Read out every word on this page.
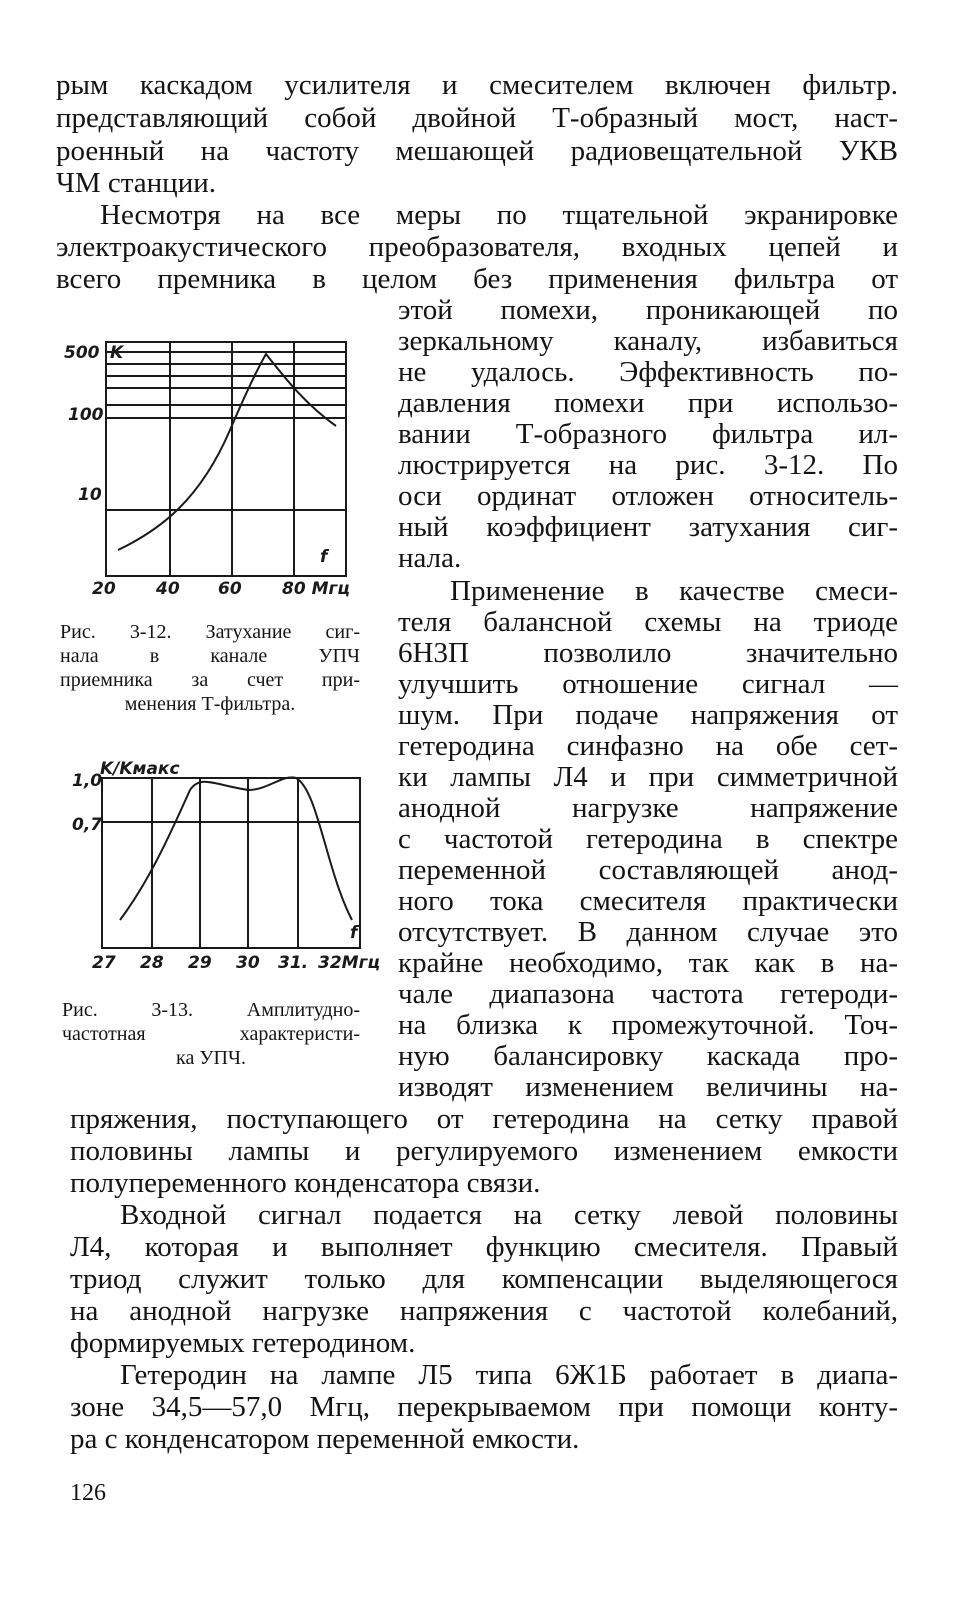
рым каскадом усилителя и смесителем включен фильтр.
представляющий собой двойной Т-образный мост, наст-
роенный на частоту мешающей радиовещательной УКВ
ЧМ станции.
Несмотря на все меры по тщательной экранировке
электроакустического преобразователя, входных цепей и
всего премника в целом без применения фильтра от
этой помехи, проникающей по
зеркальному каналу, избавиться
не удалось. Эффективность по-
давления помехи при использо-
вании Т-образного фильтра ил-
люстрируется на рис. 3-12. По
оси ординат отложен относитель-
ный коэффициент затухания сиг-
нала.
Применение в качестве смеси-
теля балансной схемы на триоде
6Н3П позволило значительно
улучшить отношение сигнал —
шум. При подаче напряжения от
гетеродина синфазно на обе сет-
ки лампы Л4 и при симметричной
анодной нагрузке напряжение
с частотой гетеродина в спектре
переменной составляющей анод-
ного тока смесителя практически
отсутствует. В данном случае это
крайне необходимо, так как в на-
чале диапазона частота гетероди-
на близка к промежуточной. Точ-
ную балансировку каскада про-
изводят изменением величины на-
пряжения, поступающего от гетеродина на сетку правой
половины лампы и регулируемого изменением емкости
полупеременного конденсатора связи.
Входной сигнал подается на сетку левой половины
Л4, которая и выполняет функцию смесителя. Правый
триод служит только для компенсации выделяющегося
на анодной нагрузке напряжения с частотой колебаний,
формируемых гетеродином.
Гетеродин на лампе Л5 типа 6Ж1Б работает в диапа-
зоне 34,5—57,0 Мгц, перекрываемом при помощи конту-
ра с конденсатором переменной емкости.
Рис. 3-12. Затухание сиг-
нала в канале УПЧ
приемника за счет при-
менения Т-фильтра.
Рис. 3-13. Амплитудно-
частотная характеристи-
ка УПЧ.
126
K
f
500
100
10
20 40 60 80 Мгц
K/Kмакс
f
1,0
0,7
27 28 29 30 31. 32Мгц
